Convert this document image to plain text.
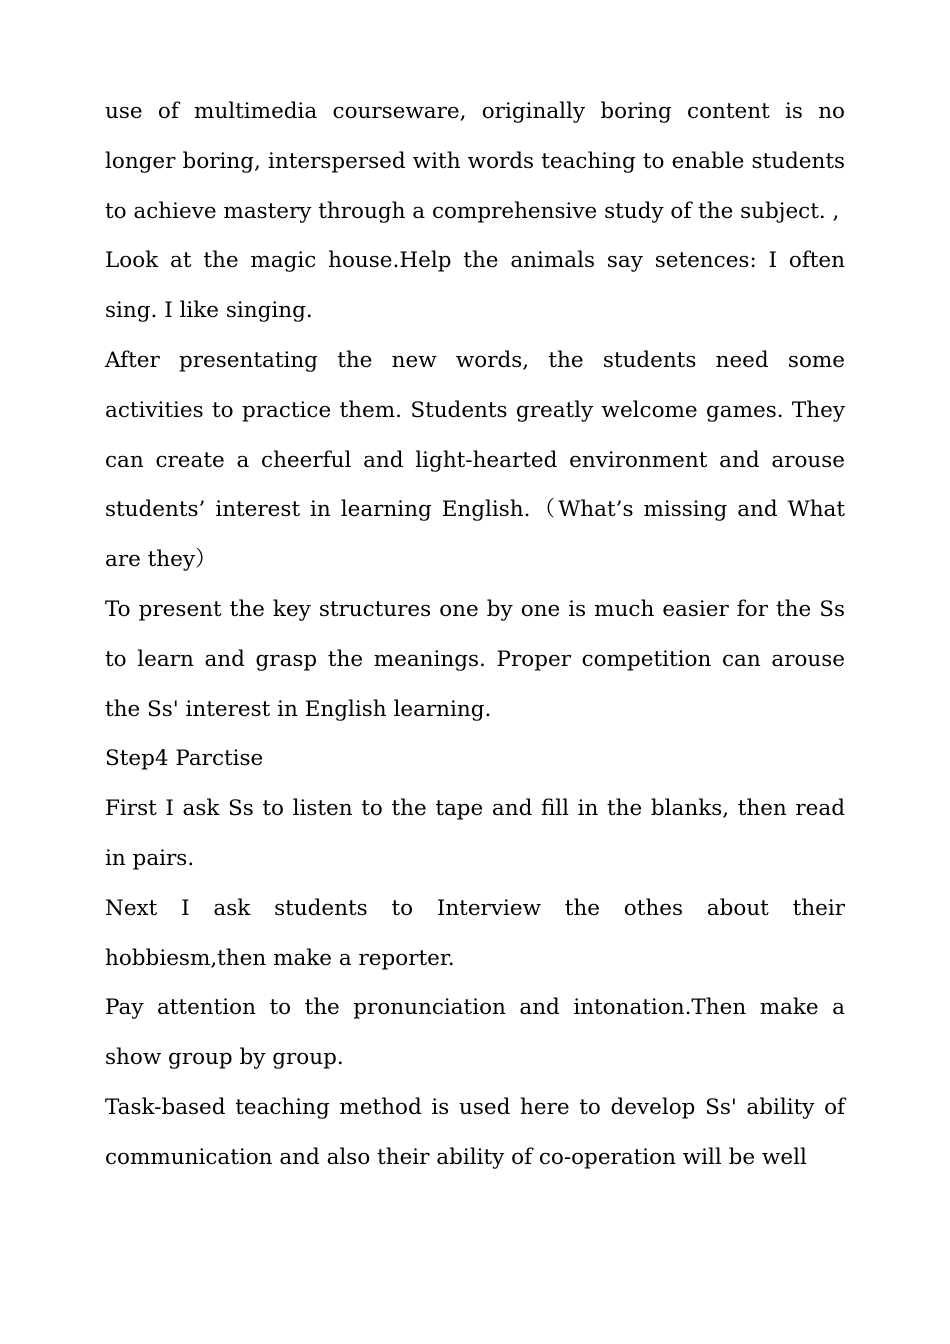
use of multimedia courseware, originally boring content is no longer boring, interspersed with words teaching to enable students to achieve mastery through a comprehensive study of the subject. ,

Look at the magic house.Help the animals say setences: I often sing. I like singing.

After presentating the new words, the students need some activities to practice them. Students greatly welcome games. They can create a cheerful and light-hearted environment and arouse students’ interest in learning English.（What’s missing and What are they）

To present the key structures one by one is much easier for the Ss to learn and grasp the meanings. Proper competition can arouse the Ss' interest in English learning.

Step4 Parctise

First I ask Ss to listen to the tape and fill in the blanks, then read in pairs.

Next I ask students to Interview the othes about their hobbiesm,then make a reporter.

Pay attention to the pronunciation and intonation.Then make a show group by group.

Task-based teaching method is used here to develop Ss' ability of communication and also their ability of co-operation will be well
